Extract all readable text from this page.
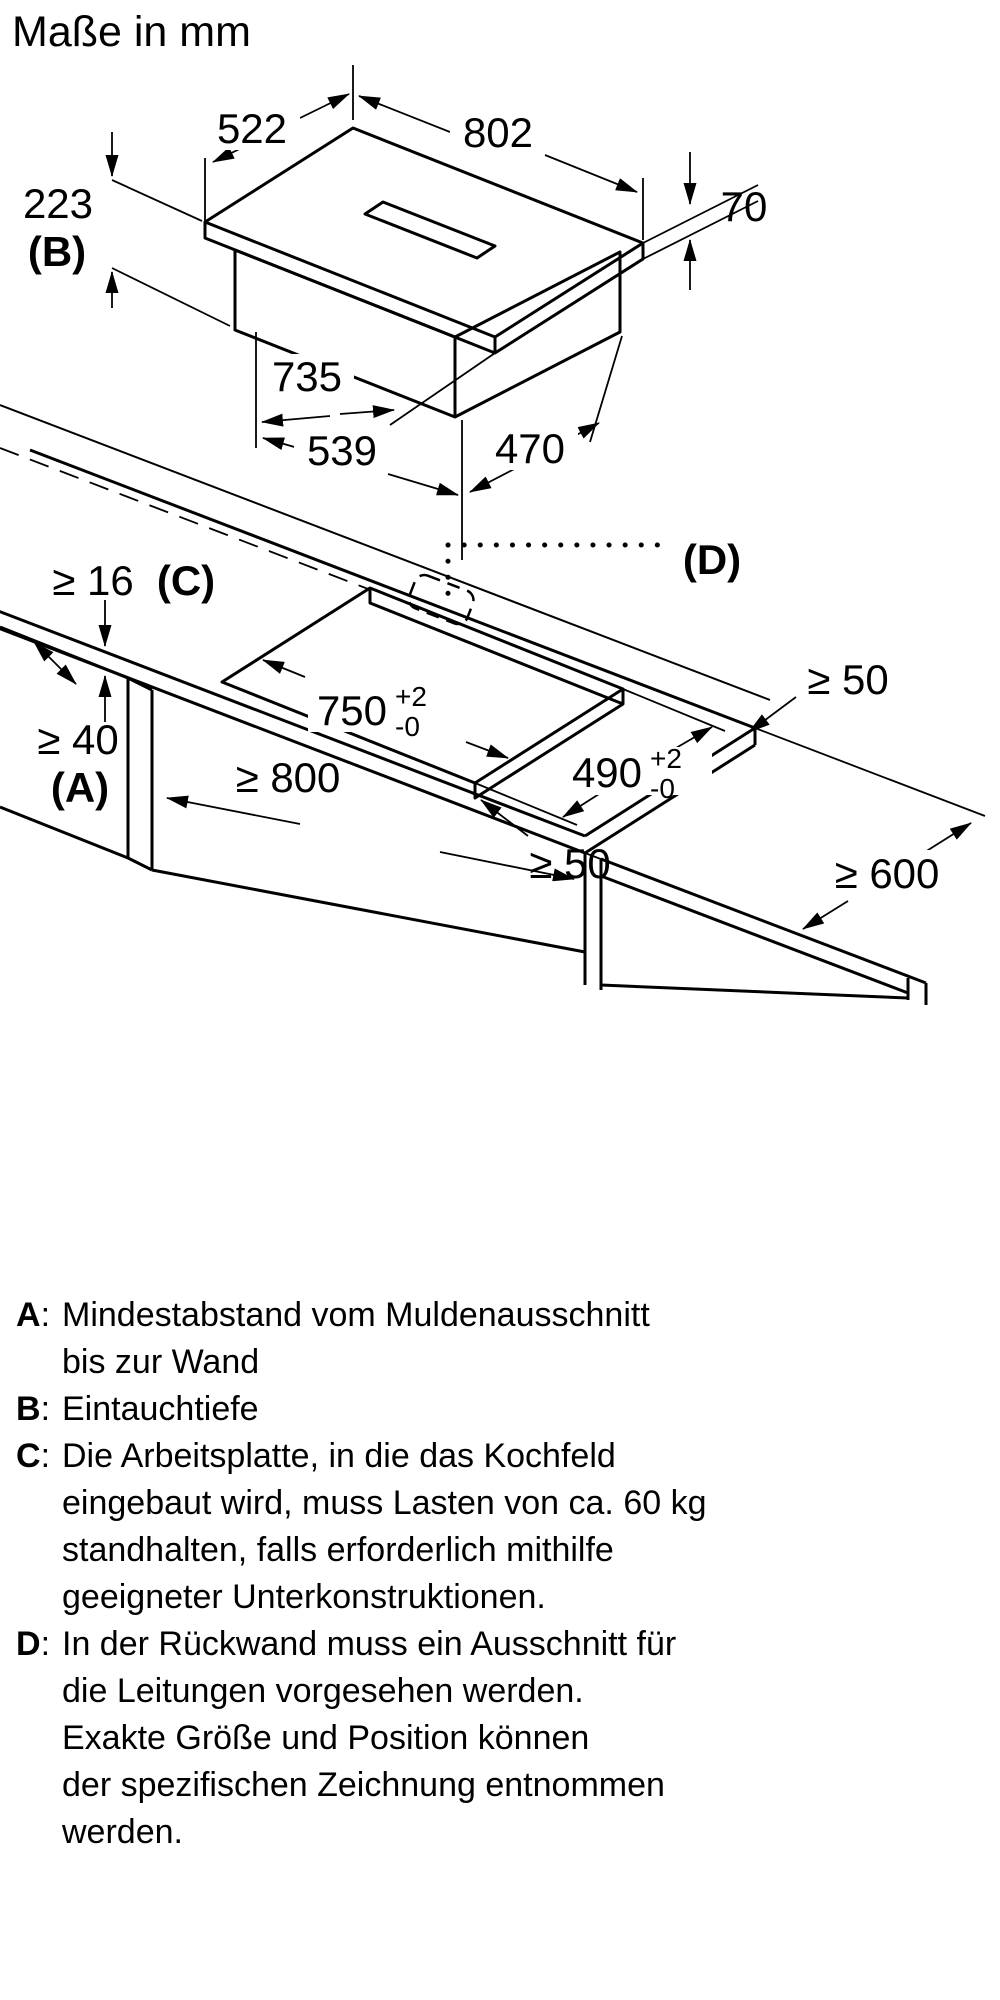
Maße in mm
522	802
223
(B)
70
735
539	470
≥ 16 (C)	(D)
≥ 40
(A)
750 +2
-0
490 +2
-0
≥ 50
≥ 50	≥ 600
≥ 800
A : Mindestabstand vom Muldenausschnitt
bis zur Wand
B : Eintauchtiefe
C : Die Arbeitsplatte, in die das Kochfeld
eingebaut wird, muss Lasten von ca. 60 kg
standhalten, falls erforderlich mithilfe
geeigneter Unterkonstruktionen.
D : In der Rückwand muss ein Ausschnitt für
die Leitungen vorgesehen werden.
Exakte Größe und Position können
der spezifischen Zeichnung entnommen
werden.
